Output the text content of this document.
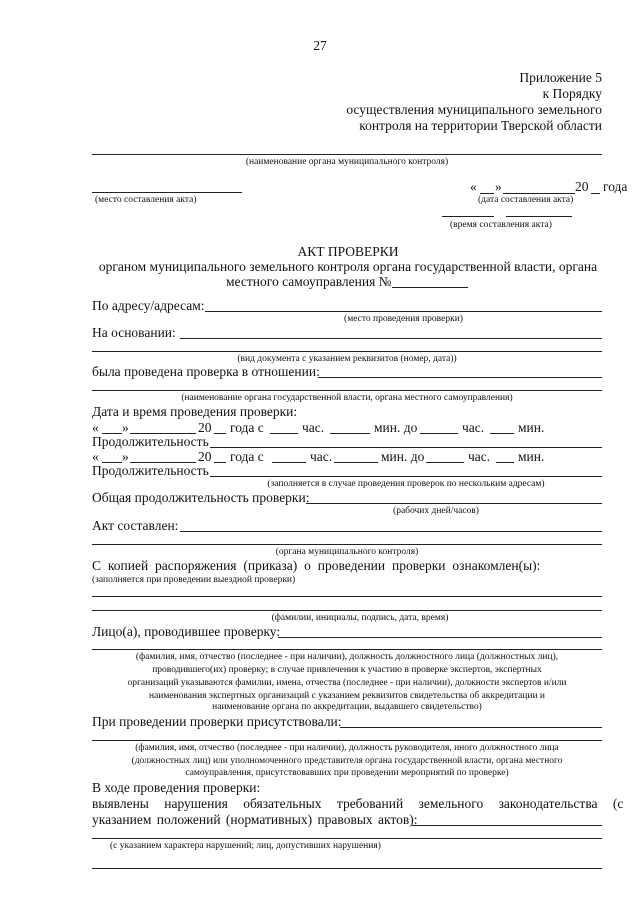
27
Приложение 5
к Порядку
осуществления муниципального земельного
контроля на территории Тверской области
(наименование органа муниципального контроля)
(место составления акта)
« »	20 года
(дата составления акта)
(время составления акта)
АКТ ПРОВЕРКИ
органом муниципального земельного контроля органа государственной власти, органа
местного самоуправления №
По адресу/адресам:
(место проведения проверки)
На основании:
(вид документа с указанием реквизитов (номер, дата))
была проведена проверка в отношении:
(наименование органа государственной власти, органа местного самоуправления)
Дата и время проведения проверки:
« »	20 года с	час.	мин. до	час.	мин.
Продолжительность
« »	20 года с	час.	мин. до	час. мин.
Продолжительность
(заполняется в случае проведения проверок по нескольким адресам)
Общая продолжительность проверки:
(рабочих дней/часов)
Акт составлен:
(органа муниципального контроля)
С копией распоряжения (приказа) о проведении проверки ознакомлен(ы):
(заполняется при проведении выездной проверки)
(фамилии, инициалы, подпись, дата, время)
Лицо(а), проводившее проверку:
(фамилия, имя, отчество (последнее - при наличии), должность должностного лица (должностных лиц),
проводившего(их) проверку; в случае привлечения к участию в проверке экспертов, экспертных
организаций указываются фамилии, имена, отчества (последнее - при наличии), должности экспертов и/или
наименования экспертных организаций с указанием реквизитов свидетельства об аккредитации и
наименование органа по аккредитации, выдавшего свидетельство)
При проведении проверки присутствовали:
(фамилия, имя, отчество (последнее - при наличии), должность руководителя, иного должностного лица
(должностных лиц) или уполномоченного представителя органа государственной власти, органа местного
самоуправления, присутствовавших при проведении мероприятий по проверке)
В ходе проведения проверки:
выявлены нарушения обязательных требований земельного законодательства (с
указанием положений (нормативных) правовых актов):
(с указанием характера нарушений; лиц, допустивших нарушения)
